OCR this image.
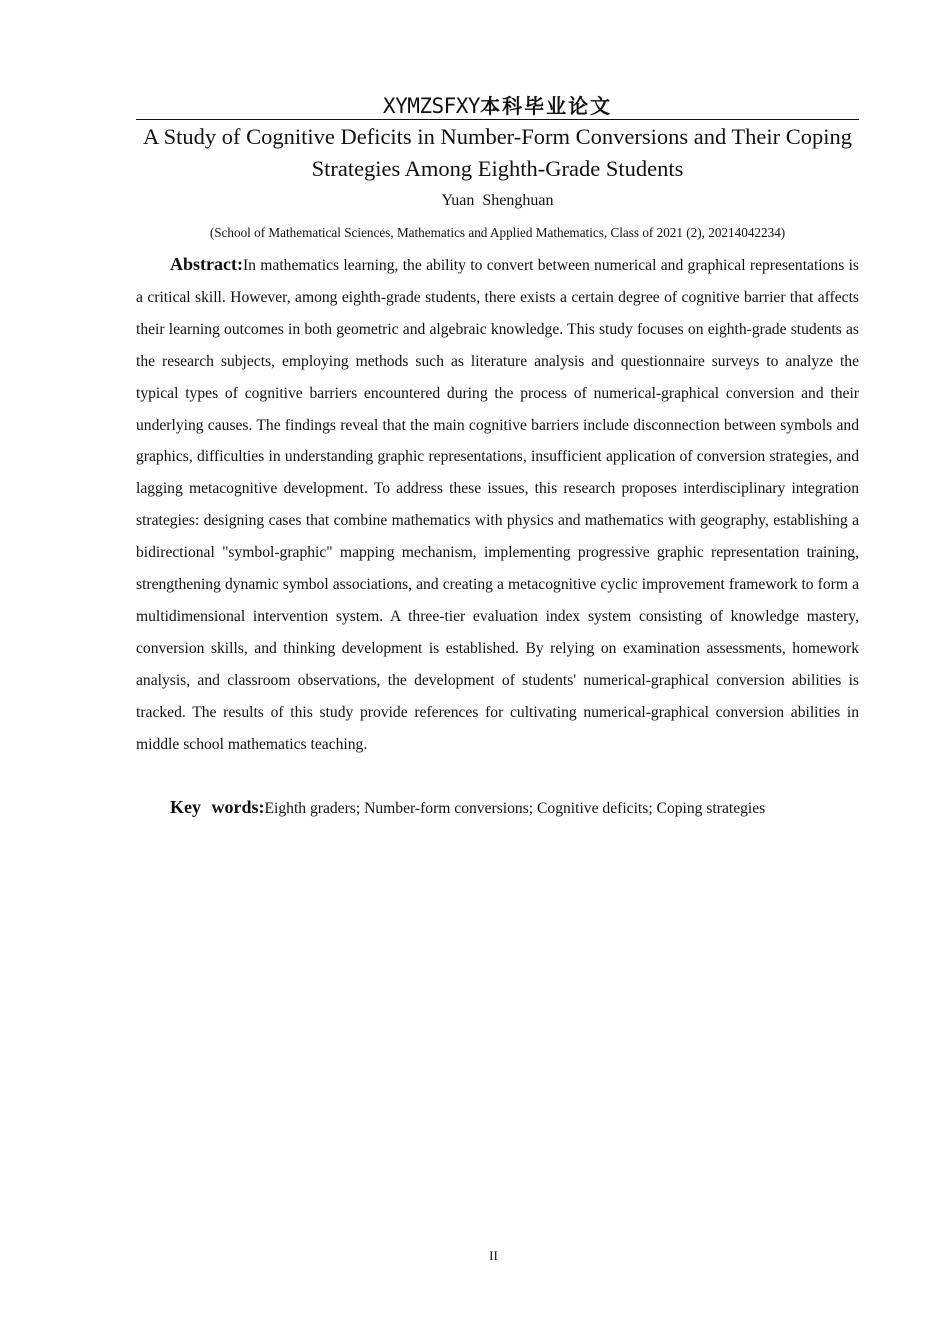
XYMZSFXY本科毕业论文
A Study of Cognitive Deficits in Number-Form Conversions and Their Coping Strategies Among Eighth-Grade Students
Yuan Shenghuan
(School of Mathematical Sciences, Mathematics and Applied Mathematics, Class of 2021 (2), 20214042234)

Abstract:In mathematics learning, the ability to convert between numerical and graphical representations is a critical skill. However, among eighth-grade students, there exists a certain degree of cognitive barrier that affects their learning outcomes in both geometric and algebraic knowledge. This study focuses on eighth-grade students as the research subjects, employing methods such as literature analysis and questionnaire surveys to analyze the typical types of cognitive barriers encountered during the process of numerical-graphical conversion and their underlying causes. The findings reveal that the main cognitive barriers include disconnection between symbols and graphics, difficulties in understanding graphic representations, insufficient application of conversion strategies, and lagging metacognitive development. To address these issues, this research proposes interdisciplinary integration strategies: designing cases that combine mathematics with physics and mathematics with geography, establishing a bidirectional "symbol-graphic" mapping mechanism, implementing progressive graphic representation training, strengthening dynamic symbol associations, and creating a metacognitive cyclic improvement framework to form a multidimensional intervention system. A three-tier evaluation index system consisting of knowledge mastery, conversion skills, and thinking development is established. By relying on examination assessments, homework analysis, and classroom observations, the development of students' numerical-graphical conversion abilities is tracked. The results of this study provide references for cultivating numerical-graphical conversion abilities in middle school mathematics teaching.

Key words:Eighth graders; Number-form conversions; Cognitive deficits; Coping strategies

II
